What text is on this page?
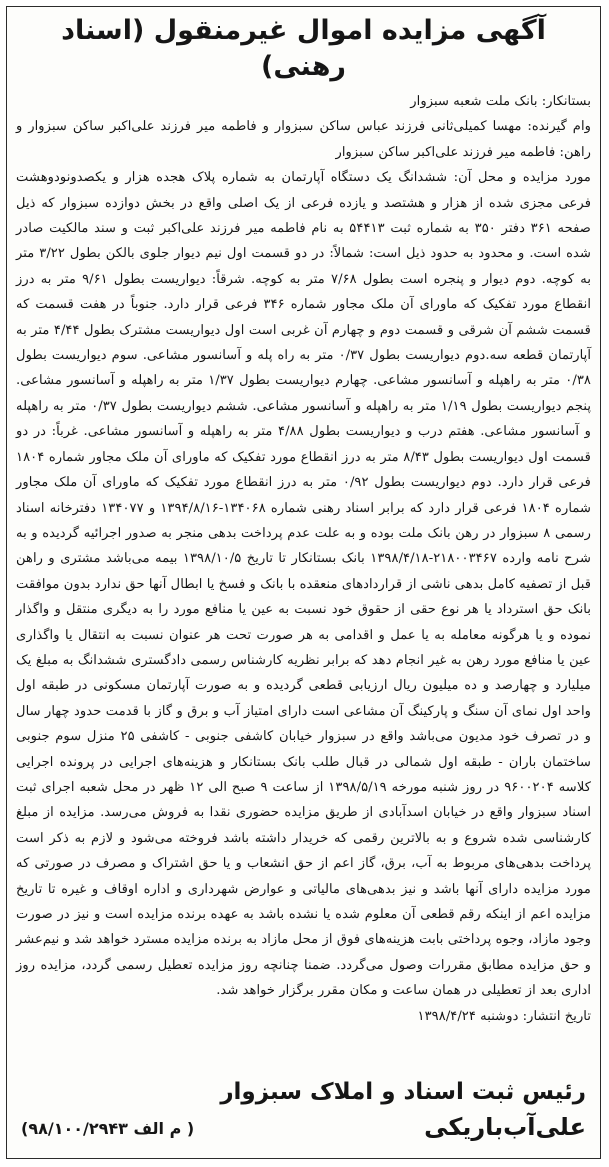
آگهی مزایده اموال غیرمنقول (اسناد رهنی)

بستانکار: بانک ملت شعبه سبزوار

وام گیرنده: مهسا کمیلی‌ثانی فرزند عباس ساکن سبزوار و فاطمه میر فرزند علی‌اکبر ساکن سبزوار و راهن: فاطمه میر فرزند علی‌اکبر ساکن سبزوار

مورد مزایده و محل آن: ششدانگ یک دستگاه آپارتمان به شماره پلاک هجده هزار و یکصدونودوهشت فرعی مجزی شده از هزار و هشتصد و یازده فرعی از یک اصلی واقع در بخش دوازده سبزوار که ذیل صفحه ۳۶۱ دفتر ۳۵۰ به شماره ثبت ۵۴۴۱۳ به نام فاطمه میر فرزند علی‌اکبر ثبت و سند مالکیت صادر شده است. و محدود به حدود ذیل است: شمالاً: در دو قسمت اول نیم دیوار جلوی بالکن بطول ۳/۲۲ متر به کوچه. دوم دیوار و پنجره است بطول ۷/۶۸ متر به کوچه. شرقاً: دیواریست بطول ۹/۶۱ متر به درز انقطاع مورد تفکیک که ماورای آن ملک مجاور شماره ۳۴۶ فرعی قرار دارد. جنوباً در هفت قسمت که قسمت ششم آن شرقی و قسمت دوم و چهارم آن غربی است اول دیواریست مشترک بطول ۴/۴۴ متر به آپارتمان قطعه سه.دوم دیواریست بطول ۰/۳۷ متر به راه پله و آسانسور مشاعی. سوم دیواریست بطول ۰/۳۸ متر به راهپله و آسانسور مشاعی. چهارم دیواریست بطول ۱/۳۷ متر به راهپله و آسانسور مشاعی. پنجم دیواریست بطول ۱/۱۹ متر به راهپله و آسانسور مشاعی. ششم دیواریست بطول ۰/۳۷ متر به راهپله و آسانسور مشاعی. هفتم درب و دیواریست بطول ۴/۸۸ متر به راهپله و آسانسور مشاعی. غرباً: در دو قسمت اول دیواریست بطول ۸/۴۳ متر به درز انقطاع مورد تفکیک که ماورای آن ملک مجاور شماره ۱۸۰۴ فرعی قرار دارد. دوم دیواریست بطول ۰/۹۲ متر به درز انقطاع مورد تفکیک که ماورای آن ملک مجاور شماره ۱۸۰۴ فرعی قرار دارد که برابر اسناد رهنی شماره ۱۳۴۰۶۸-۱۳۹۴/۸/۱۶ و ۱۳۴۰۷۷ دفترخانه اسناد رسمی ۸ سبزوار در رهن بانک ملت بوده و به علت عدم پرداخت بدهی منجر به صدور اجرائیه گردیده و به شرح نامه وارده ۲۱۸۰۰۳۴۶۷-۱۳۹۸/۴/۱۸ بانک بستانکار تا تاریخ ۱۳۹۸/۱۰/۵ بیمه می‌باشد مشتری و راهن قبل از تصفیه کامل بدهی ناشی از قراردادهای منعقده با بانک و فسخ یا ابطال آنها حق ندارد بدون موافقت بانک حق استرداد یا هر نوع حقی از حقوق خود نسبت به عین یا منافع مورد را به دیگری منتقل و واگذار نموده و یا هرگونه معامله به یا عمل و اقدامی به هر صورت تحت هر عنوان نسبت به انتقال یا واگذاری عین یا منافع مورد رهن به غیر انجام دهد که برابر نظریه کارشناس رسمی دادگستری ششدانگ به مبلغ یک میلیارد و چهارصد و ده میلیون ریال ارزیابی قطعی گردیده و به صورت آپارتمان مسکونی در طبقه اول واحد اول نمای آن سنگ و پارکینگ آن مشاعی است دارای امتیاز آب و برق و گاز با قدمت حدود چهار سال و در تصرف خود مدیون می‌باشد واقع در سبزوار خیابان کاشفی جنوبی - کاشفی ۲۵ منزل سوم جنوبی ساختمان باران - طبقه اول شمالی در قبال طلب بانک بستانکار و هزینه‌های اجرایی در پرونده اجرایی کلاسه ۹۶۰۰۲۰۴ در روز شنبه مورخه ۱۳۹۸/۵/۱۹ از ساعت ۹ صبح الی ۱۲ ظهر در محل شعبه اجرای ثبت اسناد سبزوار واقع در خیابان اسدآبادی از طریق مزایده حضوری نقدا به فروش می‌رسد. مزایده از مبلغ کارشناسی شده شروع و به بالاترین رقمی که خریدار داشته باشد فروخته می‌شود و لازم به ذکر است پرداخت بدهی‌های مربوط به آب، برق، گاز اعم از حق انشعاب و یا حق اشتراک و مصرف در صورتی که مورد مزایده دارای آنها باشد و نیز بدهی‌های مالیاتی و عوارض شهرداری و اداره اوقاف و غیره تا تاریخ مزایده اعم از اینکه رقم قطعی آن معلوم شده یا نشده باشد به عهده برنده مزایده است و نیز در صورت وجود مازاد، وجوه پرداختی بابت هزینه‌های فوق از محل مازاد به برنده مزایده مسترد خواهد شد و نیم‌عشر و حق مزایده مطابق مقررات وصول می‌گردد. ضمنا چنانچه روز مزایده تعطیل رسمی گردد، مزایده روز اداری بعد از تعطیلی در همان ساعت و مکان مقرر برگزار خواهد شد.

تاریخ انتشار: دوشنبه ۱۳۹۸/۴/۲۴

رئیس ثبت اسناد و املاک سبزوار
علی‌آب‌باریکی
( م الف ۹۸/۱۰۰/۲۹۴۳)
